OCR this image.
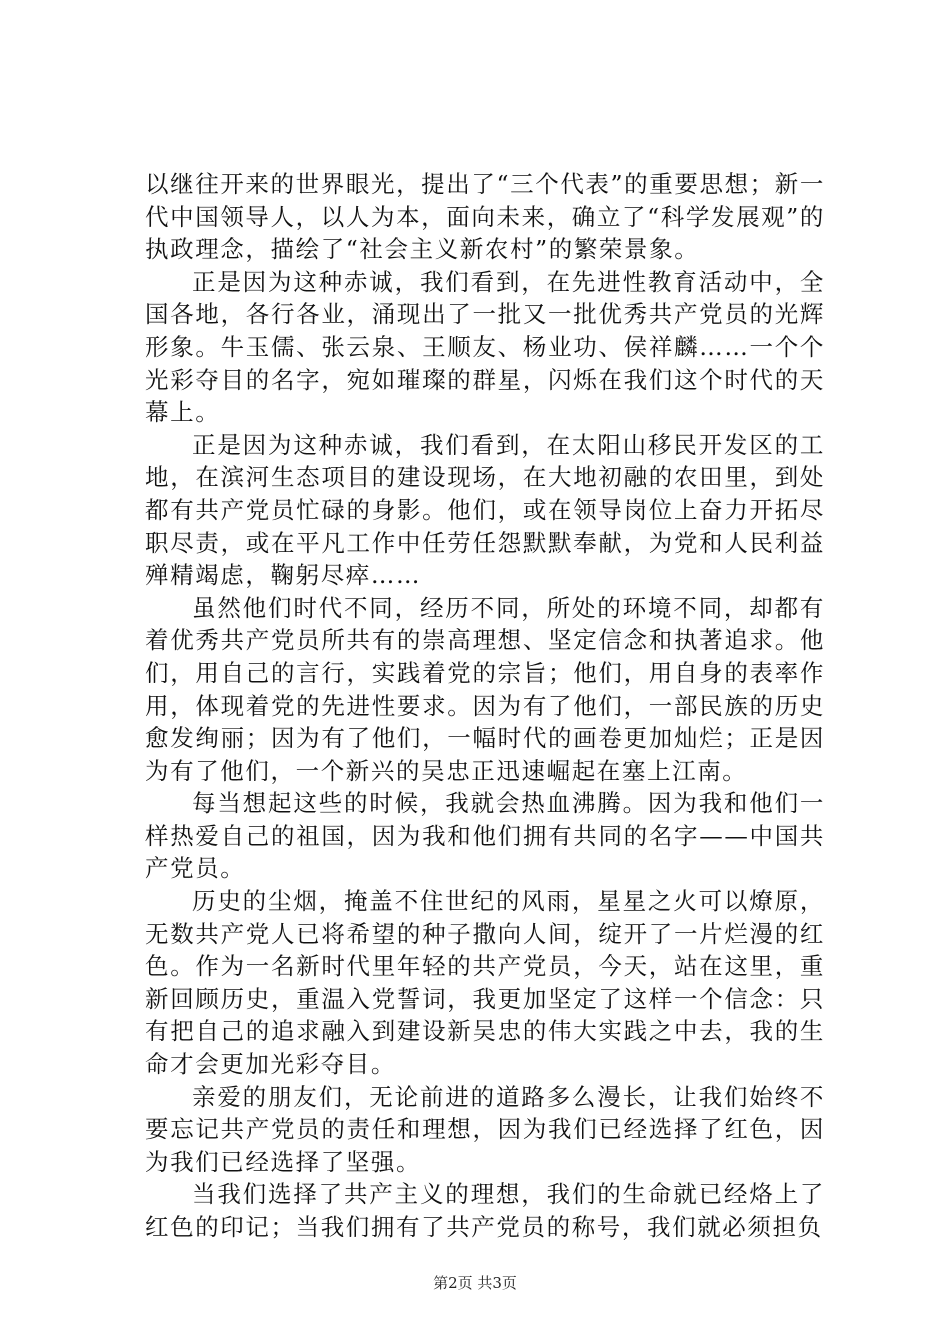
以继往开来的世界眼光，提出了“三个代表”的重要思想；新一代中国领导人，以人为本，面向未来，确立了“科学发展观”的执政理念，描绘了“社会主义新农村”的繁荣景象。

正是因为这种赤诚，我们看到，在先进性教育活动中，全国各地，各行各业，涌现出了一批又一批优秀共产党员的光辉形象。牛玉儒、张云泉、王顺友、杨业功、侯祥麟……一个个光彩夺目的名字，宛如璀璨的群星，闪烁在我们这个时代的天幕上。

正是因为这种赤诚，我们看到，在太阳山移民开发区的工地，在滨河生态项目的建设现场，在大地初融的农田里，到处都有共产党员忙碌的身影。他们，或在领导岗位上奋力开拓尽职尽责，或在平凡工作中任劳任怨默默奉献，为党和人民利益殚精竭虑，鞠躬尽瘁……

虽然他们时代不同，经历不同，所处的环境不同，却都有着优秀共产党员所共有的崇高理想、坚定信念和执著追求。他们，用自己的言行，实践着党的宗旨；他们，用自身的表率作用，体现着党的先进性要求。因为有了他们，一部民族的历史愈发绚丽；因为有了他们，一幅时代的画卷更加灿烂；正是因为有了他们，一个新兴的吴忠正迅速崛起在塞上江南。

每当想起这些的时候，我就会热血沸腾。因为我和他们一样热爱自己的祖国，因为我和他们拥有共同的名字——中国共产党员。

历史的尘烟，掩盖不住世纪的风雨，星星之火可以燎原，无数共产党人已将希望的种子撒向人间，绽开了一片烂漫的红色。作为一名新时代里年轻的共产党员，今天，站在这里，重新回顾历史，重温入党誓词，我更加坚定了这样一个信念：只有把自己的追求融入到建设新吴忠的伟大实践之中去，我的生命才会更加光彩夺目。

亲爱的朋友们，无论前进的道路多么漫长，让我们始终不要忘记共产党员的责任和理想，因为我们已经选择了红色，因为我们已经选择了坚强。

当我们选择了共产主义的理想，我们的生命就已经烙上了红色的印记；当我们拥有了共产党员的称号，我们就必须担负

第2页 共3页
